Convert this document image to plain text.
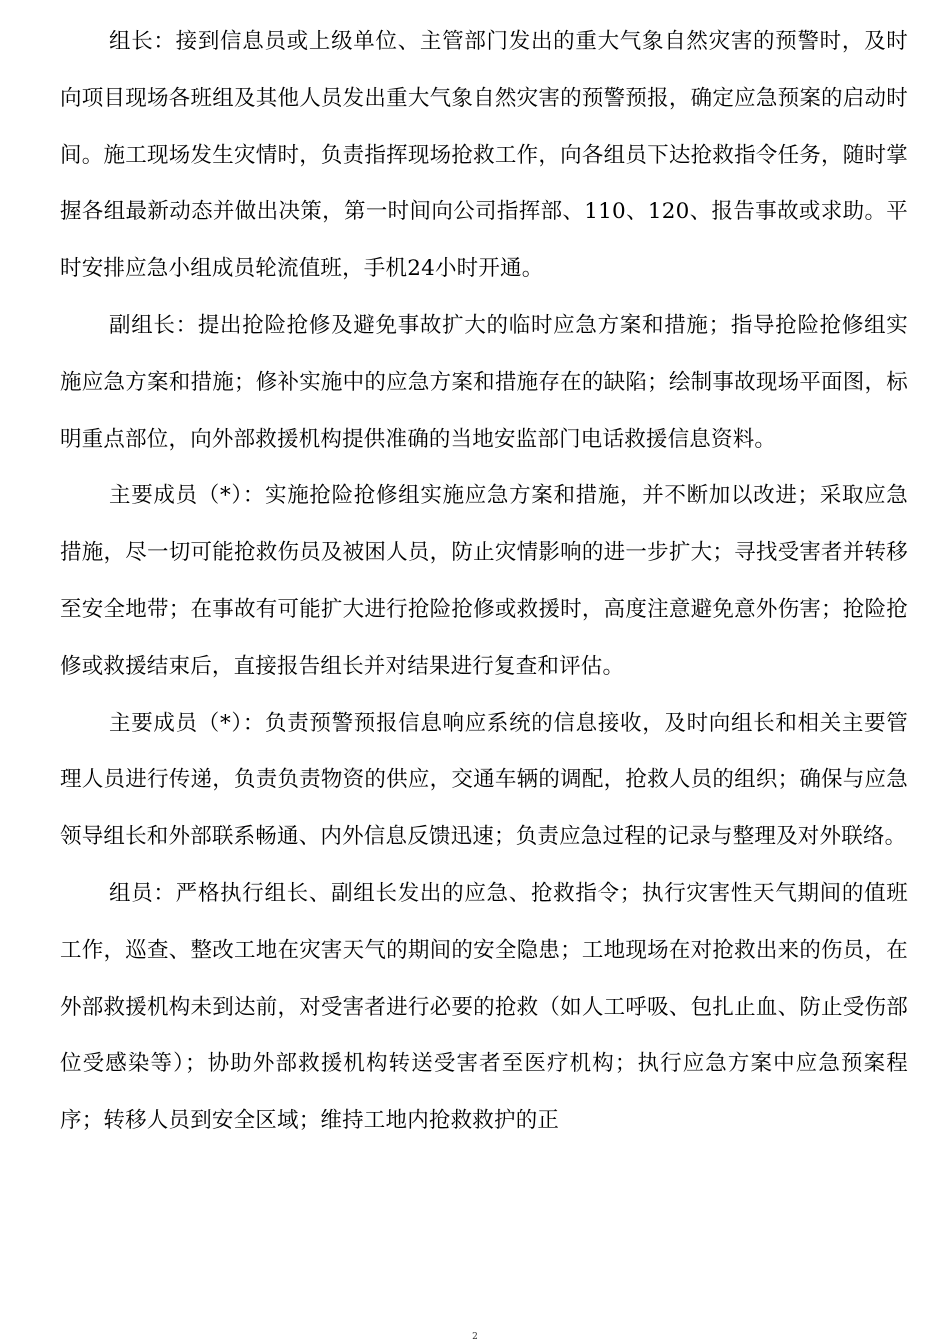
组长：接到信息员或上级单位、主管部门发出的重大气象自然灾害的预警时，及时向项目现场各班组及其他人员发出重大气象自然灾害的预警预报，确定应急预案的启动时间。施工现场发生灾情时，负责指挥现场抢救工作，向各组员下达抢救指令任务，随时掌握各组最新动态并做出决策，第一时间向公司指挥部、110、120、报告事故或求助。平时安排应急小组成员轮流值班，手机24小时开通。

副组长：提出抢险抢修及避免事故扩大的临时应急方案和措施；指导抢险抢修组实施应急方案和措施；修补实施中的应急方案和措施存在的缺陷；绘制事故现场平面图，标明重点部位，向外部救援机构提供准确的当地安监部门电话救援信息资料。

主要成员（*）：实施抢险抢修组实施应急方案和措施，并不断加以改进；采取应急措施，尽一切可能抢救伤员及被困人员，防止灾情影响的进一步扩大；寻找受害者并转移至安全地带；在事故有可能扩大进行抢险抢修或救援时，高度注意避免意外伤害；抢险抢修或救援结束后，直接报告组长并对结果进行复查和评估。

主要成员（*）：负责预警预报信息响应系统的信息接收，及时向组长和相关主要管理人员进行传递，负责负责物资的供应，交通车辆的调配，抢救人员的组织；确保与应急领导组长和外部联系畅通、内外信息反馈迅速；负责应急过程的记录与整理及对外联络。

组员：严格执行组长、副组长发出的应急、抢救指令；执行灾害性天气期间的值班工作，巡查、整改工地在灾害天气的期间的安全隐患；工地现场在对抢救出来的伤员，在外部救援机构未到达前，对受害者进行必要的抢救（如人工呼吸、包扎止血、防止受伤部位受感染等）；协助外部救援机构转送受害者至医疗机构；执行应急方案中应急预案程序；转移人员到安全区域；维持工地内抢救救护的正

2
